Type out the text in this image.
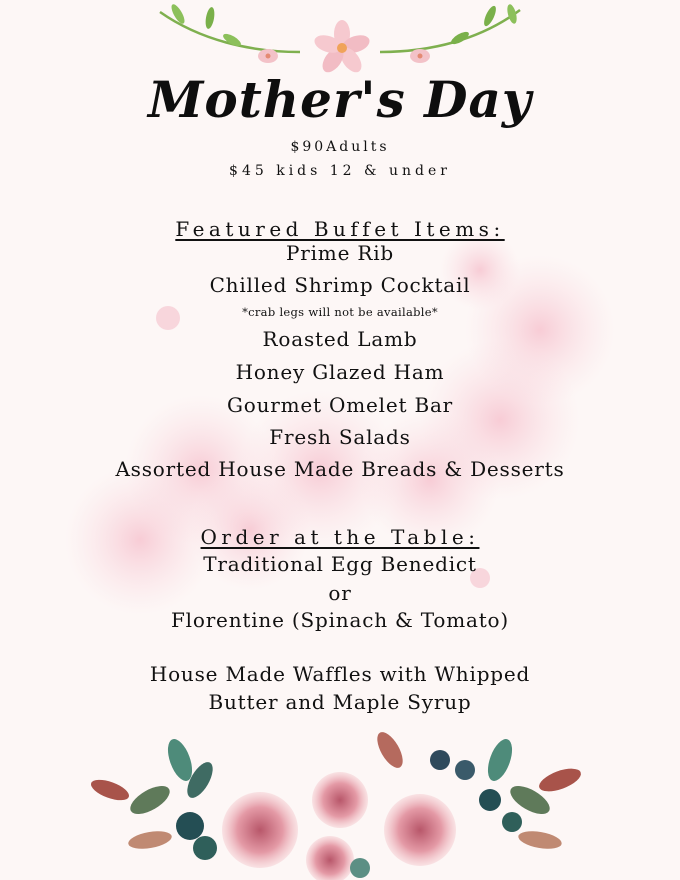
Mother's Day
$90Adults
$45 kids 12 & under
Featured Buffet Items:
Prime Rib
Chilled Shrimp Cocktail
*crab legs will not be available*
Roasted Lamb
Honey Glazed Ham
Gourmet Omelet Bar
Fresh Salads
Assorted House Made Breads & Desserts
Order at the Table:
Traditional Egg Benedict
or
Florentine (Spinach & Tomato)
House Made Waffles with Whipped
Butter and Maple Syrup
